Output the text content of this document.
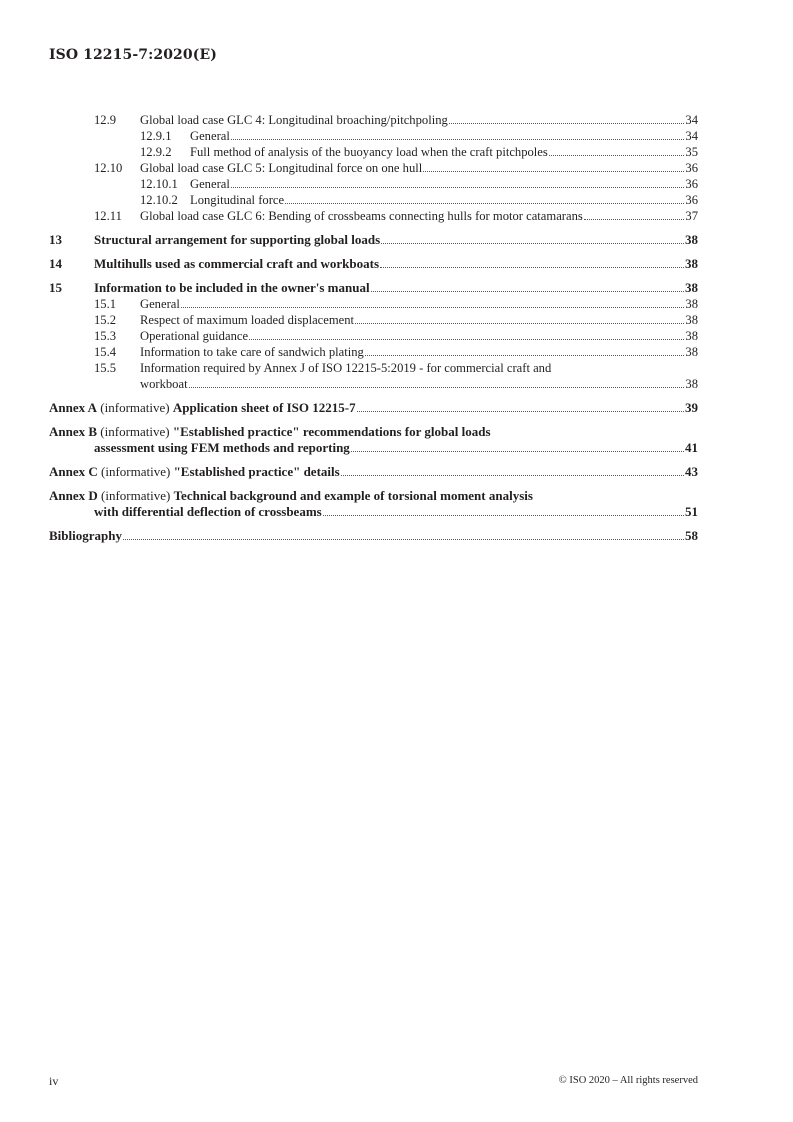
ISO 12215-7:2020(E)
12.9 Global load case GLC 4: Longitudinal broaching/pitchpoling	34
12.9.1 General	34
12.9.2 Full method of analysis of the buoyancy load when the craft pitchpoles	35
12.10 Global load case GLC 5: Longitudinal force on one hull	36
12.10.1 General	36
12.10.2 Longitudinal force	36
12.11 Global load case GLC 6: Bending of crossbeams connecting hulls for motor catamarans	37
13 Structural arrangement for supporting global loads	38
14 Multihulls used as commercial craft and workboats	38
15 Information to be included in the owner's manual	38
15.1 General	38
15.2 Respect of maximum loaded displacement	38
15.3 Operational guidance	38
15.4 Information to take care of sandwich plating	38
15.5 Information required by Annex J of ISO 12215-5:2019 - for commercial craft and
workboat	38
Annex A (informative) Application sheet of ISO 12215-7	39
Annex B (informative) "Established practice" recommendations for global loads
assessment using FEM methods and reporting	41
Annex C (informative) "Established practice" details	43
Annex D (informative) Technical background and example of torsional moment analysis
with differential deflection of crossbeams	51
Bibliography	58
iv	© ISO 2020 – All rights reserved
